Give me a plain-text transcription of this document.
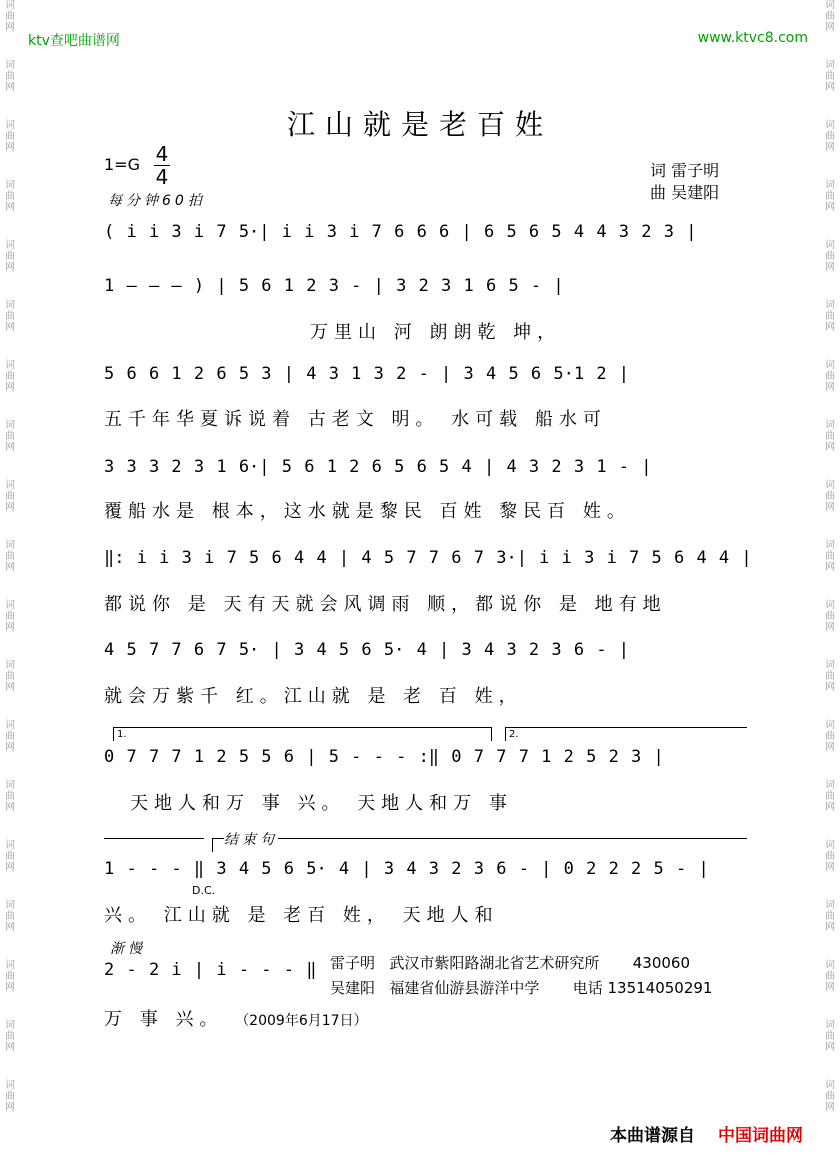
词曲网
词曲网
词曲网
词曲网
词曲网
词曲网
词曲网
词曲网
词曲网
词曲网
词曲网
词曲网
词曲网
词曲网
词曲网
词曲网
词曲网
词曲网
词曲网
词曲网
词曲网
词曲网
词曲网
词曲网
词曲网
词曲网
词曲网
词曲网
词曲网
词曲网
词曲网
词曲网
词曲网
词曲网
词曲网
词曲网
词曲网
词曲网
ktv查吧曲谱网	www.ktvc8.com
江山就是老百姓
1=G 4
4
每分钟60拍
词 雷子明
曲 吴建阳
( i i 3 i 7 5·| i i 3 i 7 6 6 6 | 6 5 6 5 4 4 3 2 3 |
1 — — — ) | 5 6 1 2 3 - | 3 2 3 1 6 5 - |
万里山 河 朗朗乾 坤，
5 6 6 1 2 6 5 3 | 4 3 1 3 2 - | 3 4 5 6 5·1 2 |
五千年华夏诉说着 古老文 明。 水可载 船水可
3 3 3 2 3 1 6·| 5 6 1 2 6 5 6 5 4 | 4 3 2 3 1 - |
覆船水是 根本，这水就是黎民 百姓 黎民百 姓。
‖: i i 3 i 7 5 6 4 4 | 4 5 7 7 6 7 3·| i i 3 i 7 5 6 4 4 |
都说你 是 天有天就会风调雨 顺，都说你 是 地有地
4 5 7 7 6 7 5· | 3 4 5 6 5· 4 | 3 4 3 2 3 6 - |
就会万紫千 红。江山就 是 老 百 姓，
1.	2.
0 7 7 7 1 2 5 5 6 | 5 - - - :‖ 0 7 7 7 1 2 5 2 3 |
天地人和万 事 兴。 天地人和万 事
结束句
1 - - - ‖ 3 4 5 6 5· 4 | 3 4 3 2 3 6 - | 0 2 2 2 5 - |
D.C.
兴。 江山就 是 老百 姓， 天地人和
渐慢
2 - 2 i | i - - - ‖ 雷子明 武汉市紫阳路湖北省艺术研究所 430060
吴建阳 福建省仙游县游洋中学 电话 13514050291
万 事 兴。 （2009年6月17日）
本曲谱源自 中国词曲网
